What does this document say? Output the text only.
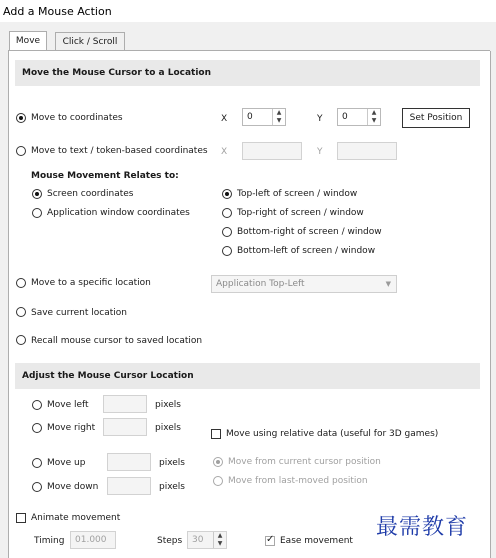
Add a Mouse Action
Move	Click / Scroll
Move the Mouse Cursor to a Location
Move to coordinates	X	0	▲
▼	Y	0	▲
▼	Set Position
Move to text / token-based coordinates X	Y
Mouse Movement Relates to:
Screen coordinates
Application window coordinates
Top-left of screen / window
Top-right of screen / window
Bottom-right of screen / window
Bottom-left of screen / window
Move to a specific location	Application Top-Left	▼
Save current location
Recall mouse cursor to saved location
Adjust the Mouse Cursor Location
Move left	pixels
Move right	pixels
Move using relative data (useful for 3D games)
Move up	pixels
Move down	pixels
Move from current cursor position
Move from last-moved position
Animate movement
Timing	01.000	Steps	30	▲
▼
✓	Ease movement
最需教育
